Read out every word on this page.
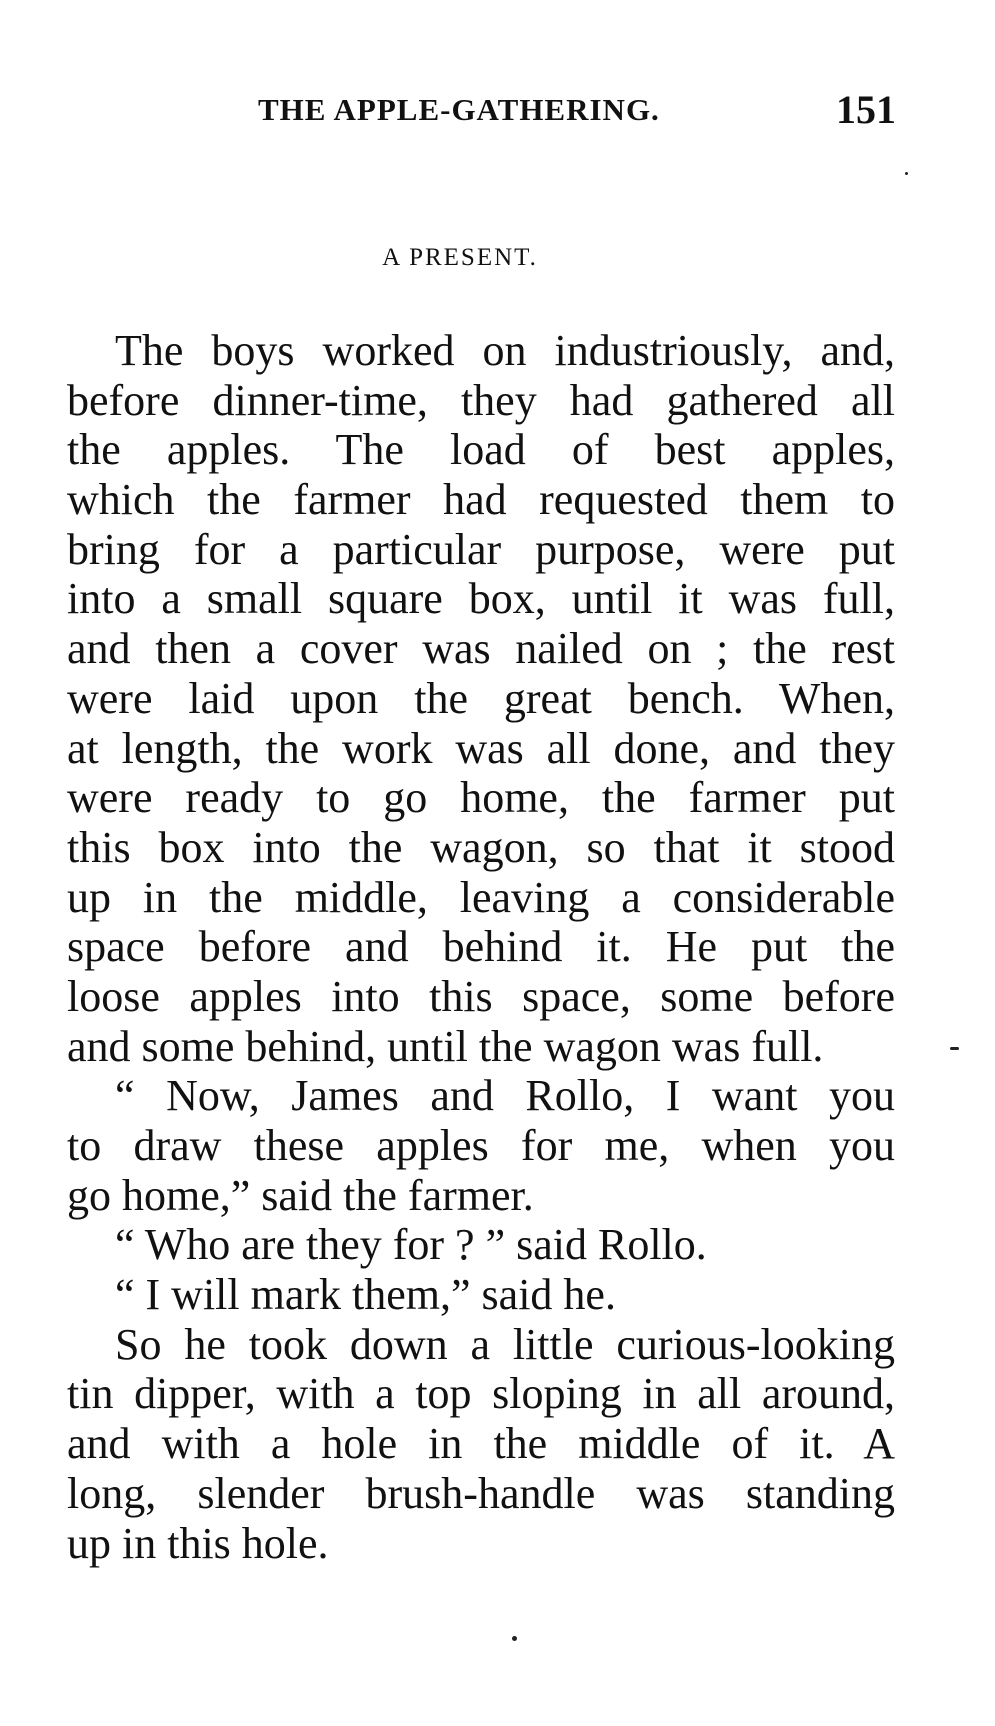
THE APPLE-GATHERING.	151
A PRESENT.
The boys worked on industriously, and,
before dinner-time, they had gathered all
the apples. The load of best apples,
which the farmer had requested them to
bring for a particular purpose, were put
into a small square box, until it was full,
and then a cover was nailed on ; the rest
were laid upon the great bench. When,
at length, the work was all done, and they
were ready to go home, the farmer put
this box into the wagon, so that it stood
up in the middle, leaving a considerable
space before and behind it. He put the
loose apples into this space, some before
and some behind, until the wagon was full.
“ Now, James and Rollo, I want you
to draw these apples for me, when you
go home,” said the farmer.
“ Who are they for ? ” said Rollo.
“ I will mark them,” said he.
So he took down a little curious-looking
tin dipper, with a top sloping in all around,
and with a hole in the middle of it. A
long, slender brush-handle was standing
up in this hole.
